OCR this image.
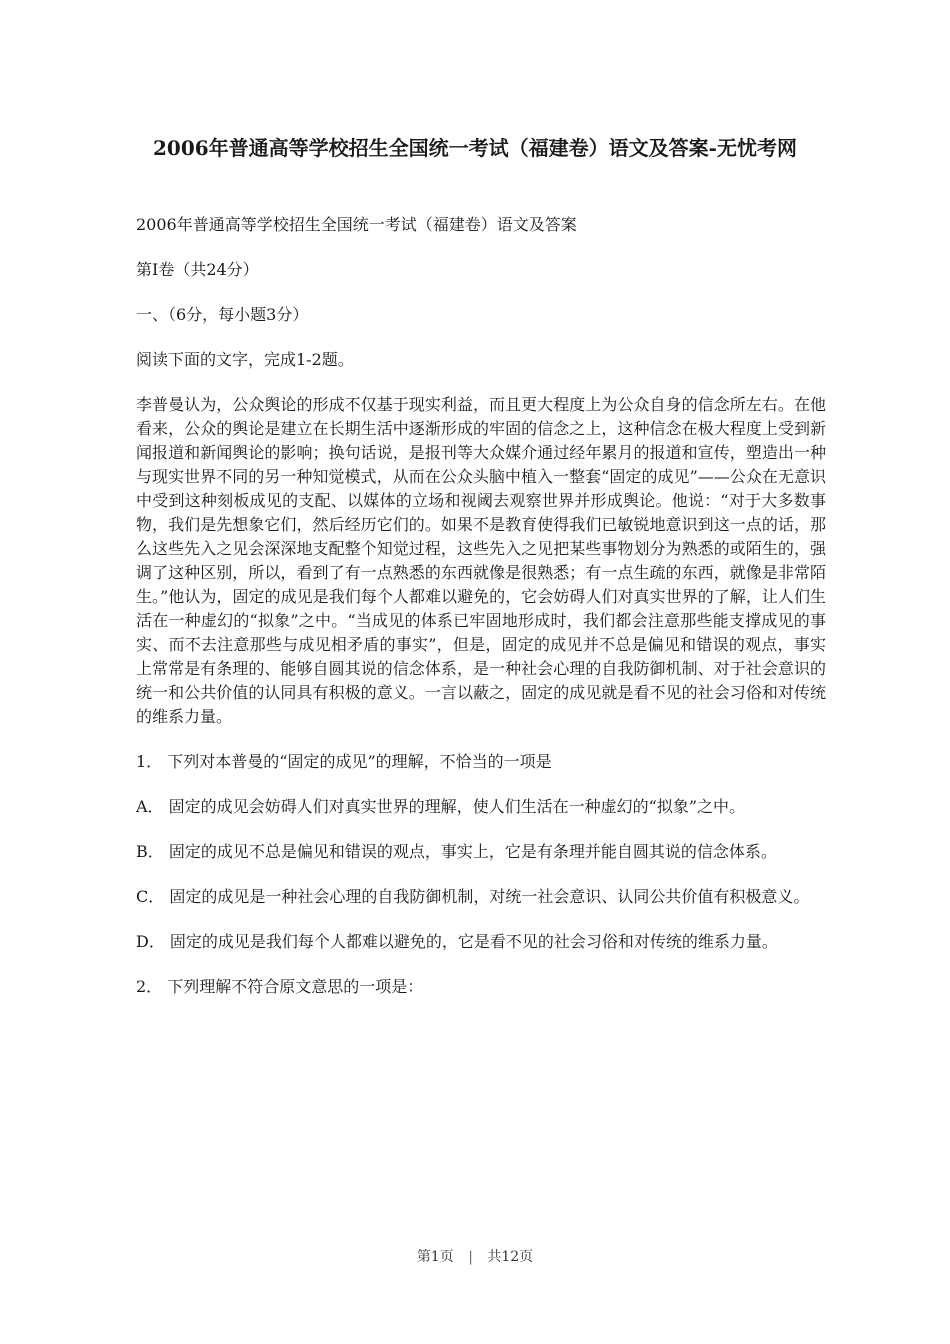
2006年普通高等学校招生全国统一考试（福建卷）语文及答案-无忧考网

2006年普通高等学校招生全国统一考试（福建卷）语文及答案

第Ⅰ卷（共24分）

一、（6分，每小题3分）

阅读下面的文字，完成1-2题。

李普曼认为，公众舆论的形成不仅基于现实利益，而且更大程度上为公众自身的信念所左右。在他看来，公众的舆论是建立在长期生活中逐渐形成的牢固的信念之上，这种信念在极大程度上受到新闻报道和新闻舆论的影响；换句话说，是报刊等大众媒介通过经年累月的报道和宣传，塑造出一种与现实世界不同的另一种知觉模式，从而在公众头脑中植入一整套“固定的成见”——公众在无意识中受到这种刻板成见的支配、以媒体的立场和视阈去观察世界并形成舆论。他说：“对于大多数事物，我们是先想象它们，然后经历它们的。如果不是教育使得我们已敏锐地意识到这一点的话，那么这些先入之见会深深地支配整个知觉过程，这些先入之见把某些事物划分为熟悉的或陌生的，强调了这种区别，所以，看到了有一点熟悉的东西就像是很熟悉；有一点生疏的东西，就像是非常陌生。”他认为，固定的成见是我们每个人都难以避免的，它会妨碍人们对真实世界的了解，让人们生活在一种虚幻的“拟象”之中。“当成见的体系已牢固地形成时，我们都会注意那些能支撑成见的事实、而不去注意那些与成见相矛盾的事实”，但是，固定的成见并不总是偏见和错误的观点，事实上常常是有条理的、能够自圆其说的信念体系，是一种社会心理的自我防御机制、对于社会意识的统一和公共价值的认同具有积极的意义。一言以蔽之，固定的成见就是看不见的社会习俗和对传统的维系力量。

1． 下列对本普曼的“固定的成见”的理解，不恰当的一项是

A． 固定的成见会妨碍人们对真实世界的理解，使人们生活在一种虚幻的“拟象”之中。

B． 固定的成见不总是偏见和错误的观点，事实上，它是有条理并能自圆其说的信念体系。

C． 固定的成见是一种社会心理的自我防御机制，对统一社会意识、认同公共价值有积极意义。

D． 固定的成见是我们每个人都难以避免的，它是看不见的社会习俗和对传统的维系力量。

2． 下列理解不符合原文意思的一项是：

第1页 | 共12页
